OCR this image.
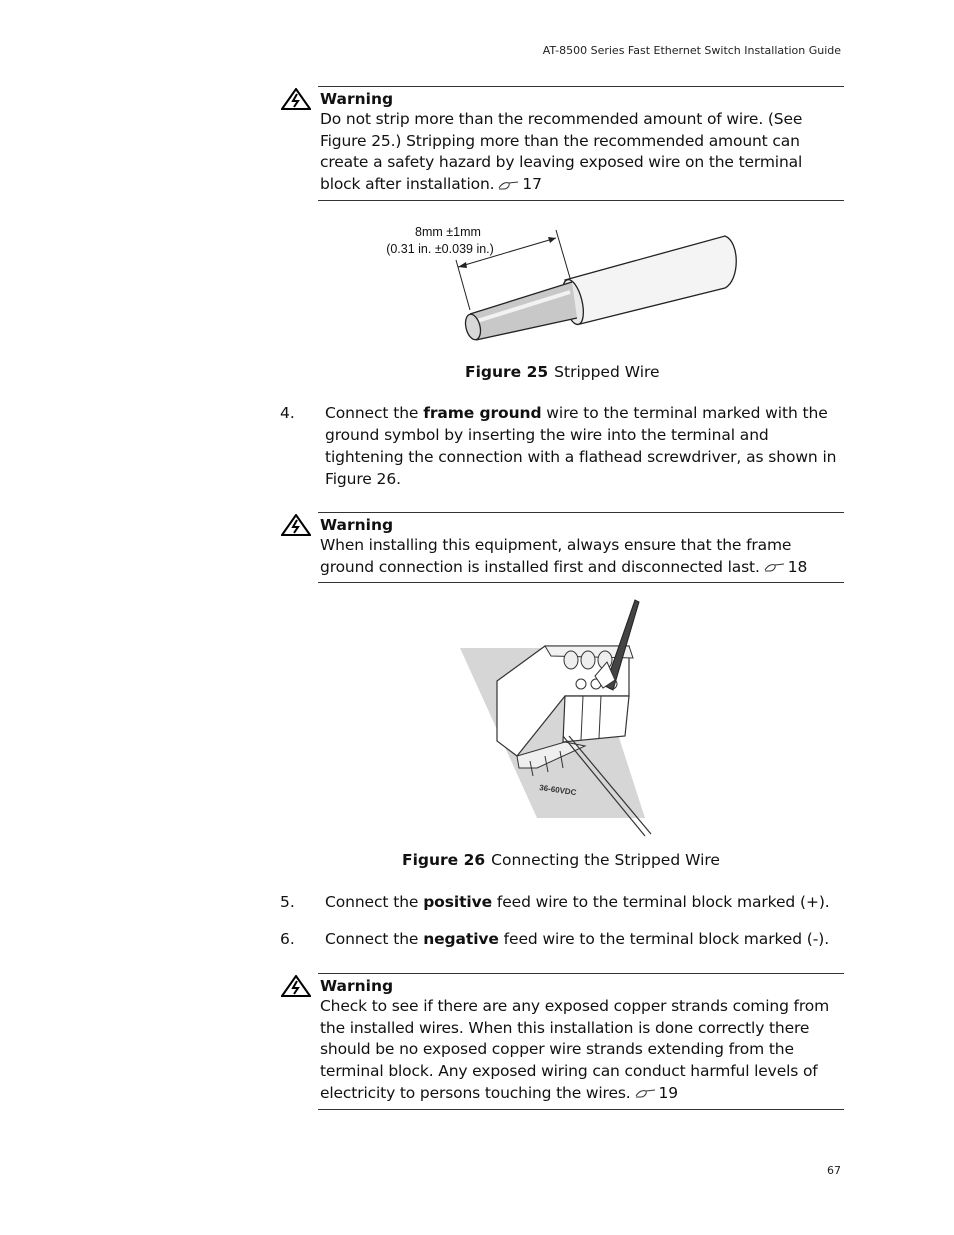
AT-8500 Series Fast Ethernet Switch Installation Guide
Warning
Do not strip more than the recommended amount of wire. (See Figure 25.) Stripping more than the recommended amount can create a safety hazard by leaving exposed wire on the terminal block after installation. 17
8mm ±1mm
(0.31 in. ±0.039 in.)
Figure 25 Stripped Wire
4. Connect the frame ground wire to the terminal marked with the ground symbol by inserting the wire into the terminal and tightening the connection with a flathead screwdriver, as shown in Figure 26.
Warning
When installing this equipment, always ensure that the frame ground connection is installed first and disconnected last. 18
36-60VDC
Figure 26 Connecting the Stripped Wire
5. Connect the positive feed wire to the terminal block marked (+).
6. Connect the negative feed wire to the terminal block marked (-).
Warning
Check to see if there are any exposed copper strands coming from the installed wires. When this installation is done correctly there should be no exposed copper wire strands extending from the terminal block. Any exposed wiring can conduct harmful levels of electricity to persons touching the wires. 19
67
